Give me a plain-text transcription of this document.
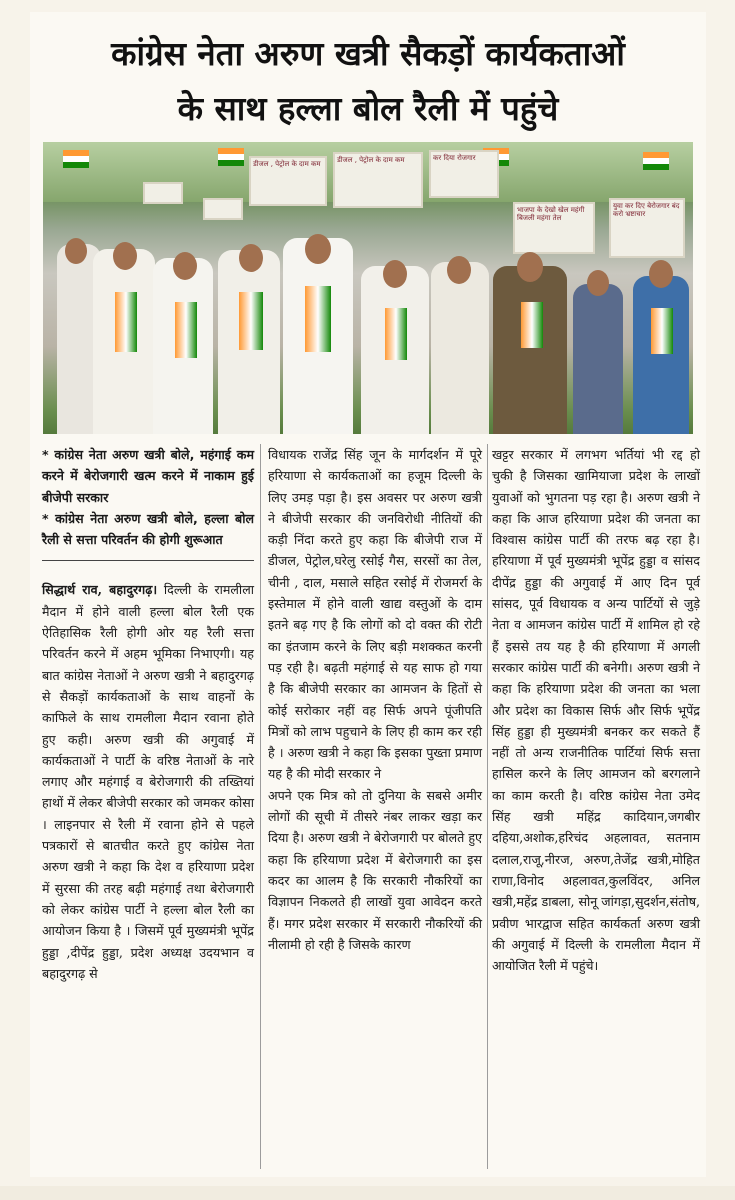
कांग्रेस नेता अरुण खत्री सैकड़ों कार्यकताओं
के साथ हल्ला बोल रैली में पहुंचे
डीजल , पेट्रोल के दाम कम	डीजल , पेट्रोल के दाम कम	कर दिया रोजगार
भाजपा के देखो खेल महंगी बिजली महंगा तेल
युवा कर दिए बेरोजगार बंद करो भ्रष्टाचार

* कांग्रेस नेता अरुण खत्री बोले, महंगाई कम करने में बेरोजगारी खत्म करने में नाकाम हुई बीजेपी सरकार

* कांग्रेस नेता अरुण खत्री बोले, हल्ला बोल रैली से सत्ता परिवर्तन की होगी शुरूआत

सिद्धार्थ राव, बहादुरगढ़। दिल्ली के रामलीला मैदान में होने वाली हल्ला बोल रैली एक ऐतिहासिक रैली होगी ओर यह रैली सत्ता परिवर्तन करने में अहम भूमिका निभाएगी। यह बात कांग्रेस नेताओं ने अरुण खत्री ने बहादुरगढ़ से सैकड़ों कार्यकताओं के साथ वाहनों के काफिले के साथ रामलीला मैदान रवाना होते हुए कही। अरुण खत्री की अगुवाई में कार्यकताओं ने पार्टी के वरिष्ठ नेताओं के नारे लगाए और महंगाई व बेरोजगारी की तख्तियां हाथों में लेकर बीजेपी सरकार को जमकर कोसा । लाइनपार से रैली में रवाना होने से पहले पत्रकारों से बातचीत करते हुए कांग्रेस नेता अरुण खत्री ने कहा कि देश व हरियाणा प्रदेश में सुरसा की तरह बढ़ी महंगाई तथा बेरोजगारी को लेकर कांग्रेस पार्टी ने हल्ला बोल रैली का आयोजन किया है । जिसमें पूर्व मुख्यमंत्री भूपेंद्र हुड्डा ,दीपेंद्र हुड्डा, प्रदेश अध्यक्ष उदयभान व बहादुरगढ़ से
विधायक राजेंद्र सिंह जून के मार्गदर्शन में पूरे हरियाणा से कार्यकताओं का हजूम दिल्ली के लिए उमड़ पड़ा है। इस अवसर पर अरुण खत्री ने बीजेपी सरकार की जनविरोधी नीतियों की कड़ी निंदा करते हुए कहा कि बीजेपी राज में डीजल, पेट्रोल,घरेलु रसोई गैस, सरसों का तेल, चीनी , दाल, मसाले सहित रसोई में रोजमर्रा के इस्तेमाल में होने वाली खाद्य वस्तुओं के दाम इतने बढ़ गए है कि लोगों को दो वक्त की रोटी का इंतजाम करने के लिए बड़ी मशक्कत करनी पड़ रही है। बढ़ती महंगाई से यह साफ हो गया है कि बीजेपी सरकार का आमजन के हितों से कोई सरोकार नहीं वह सिर्फ अपने पूंजीपति मित्रों को लाभ पहुचाने के लिए ही काम कर रही है । अरुण खत्री ने कहा कि इसका पुख्ता प्रमाण यह है की मोदी सरकार ने
अपने एक मित्र को तो दुनिया के सबसे अमीर लोगों की सूची में तीसरे नंबर लाकर खड़ा कर दिया है। अरुण खत्री ने बेरोजगारी पर बोलते हुए कहा कि हरियाणा प्रदेश में बेरोजगारी का इस कदर का आलम है कि सरकारी नौकरियों का विज्ञापन निकलते ही लाखों युवा आवेदन करते हैं। मगर प्रदेश सरकार में सरकारी नौकरियों की नीलामी हो रही है जिसके कारण
खट्टर सरकार में लगभग भर्तियां भी रद्द हो चुकी है जिसका खामियाजा प्रदेश के लाखों युवाओं को भुगतना पड़ रहा है। अरुण खत्री ने कहा कि आज हरियाणा प्रदेश की जनता का विश्वास कांग्रेस पार्टी की तरफ बढ़ रहा है। हरियाणा में पूर्व मुख्यमंत्री भूपेंद्र हुड्डा व सांसद दीपेंद्र हुड्डा की अगुवाई में आए दिन पूर्व सांसद, पूर्व विधायक व अन्य पार्टियों से जुड़े नेता व आमजन कांग्रेस पार्टी में शामिल हो रहे हैं इससे तय यह है की हरियाणा में अगली सरकार कांग्रेस पार्टी की बनेगी। अरुण खत्री ने कहा कि हरियाणा प्रदेश की जनता का भला और प्रदेश का विकास सिर्फ और सिर्फ भूपेंद्र सिंह हुड्डा ही मुख्यमंत्री बनकर कर सकते हैं नहीं तो अन्य राजनीतिक पार्टियां सिर्फ सत्ता हासिल करने के लिए आमजन को बरगलाने का काम करती है। वरिष्ठ कांग्रेस नेता उमेद सिंह खत्री महिंद्र कादियान,जगबीर दहिया,अशोक,हरिचंद अहलावत, सतनाम दलाल,राजू,नीरज, अरुण,तेजेंद्र खत्री,मोहित राणा,विनोद अहलावत,कुलविंदर, अनिल खत्री,महेंद्र डाबला, सोनू जांगड़ा,सुदर्शन,संतोष, प्रवीण भारद्वाज सहित कार्यकर्ता अरुण खत्री की अगुवाई में दिल्ली के रामलीला मैदान में आयोजित रैली में पहुंचे।
